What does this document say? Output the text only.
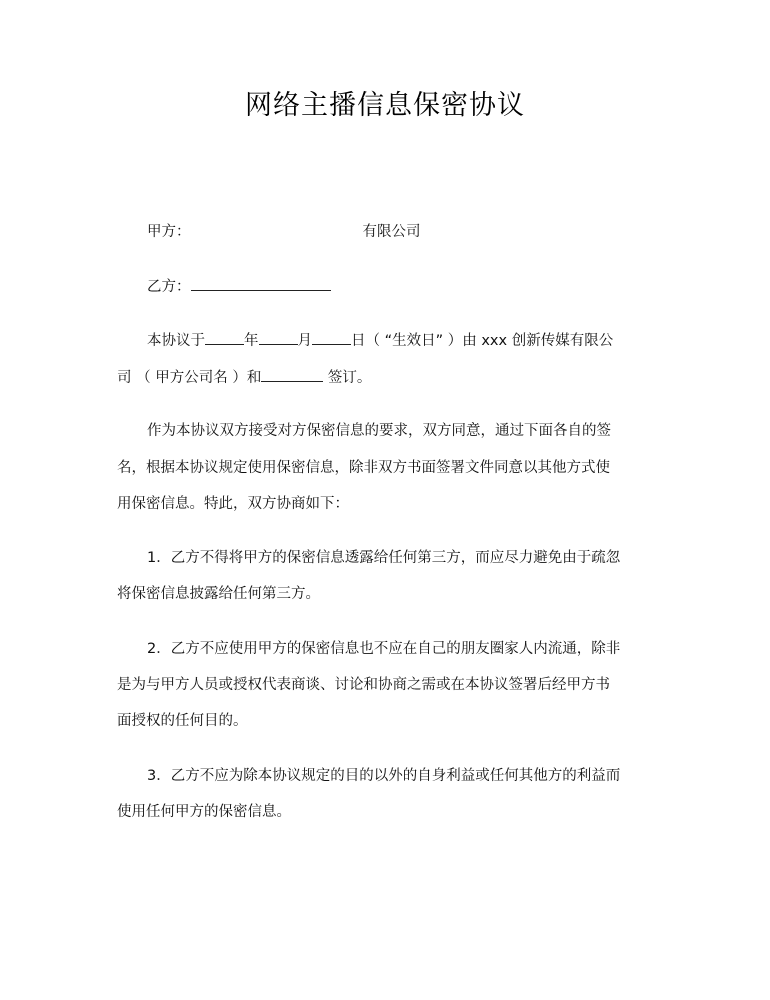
网络主播信息保密协议
甲方：	有限公司
乙方：
本协议于	年	月	日（ “生效日” ）由 xxx 创新传媒有限公
司 （ 甲方公司名 ）和	签订。
作为本协议双方接受对方保密信息的要求，双方同意，通过下面各自的签
名，根据本协议规定使用保密信息，除非双方书面签署文件同意以其他方式使
用保密信息。特此，双方协商如下：
1．乙方不得将甲方的保密信息透露给任何第三方，而应尽力避免由于疏忽
将保密信息披露给任何第三方。
2．乙方不应使用甲方的保密信息也不应在自己的朋友圈家人内流通，除非
是为与甲方人员或授权代表商谈、讨论和协商之需或在本协议签署后经甲方书
面授权的任何目的。
3．乙方不应为除本协议规定的目的以外的自身利益或任何其他方的利益而
使用任何甲方的保密信息。
